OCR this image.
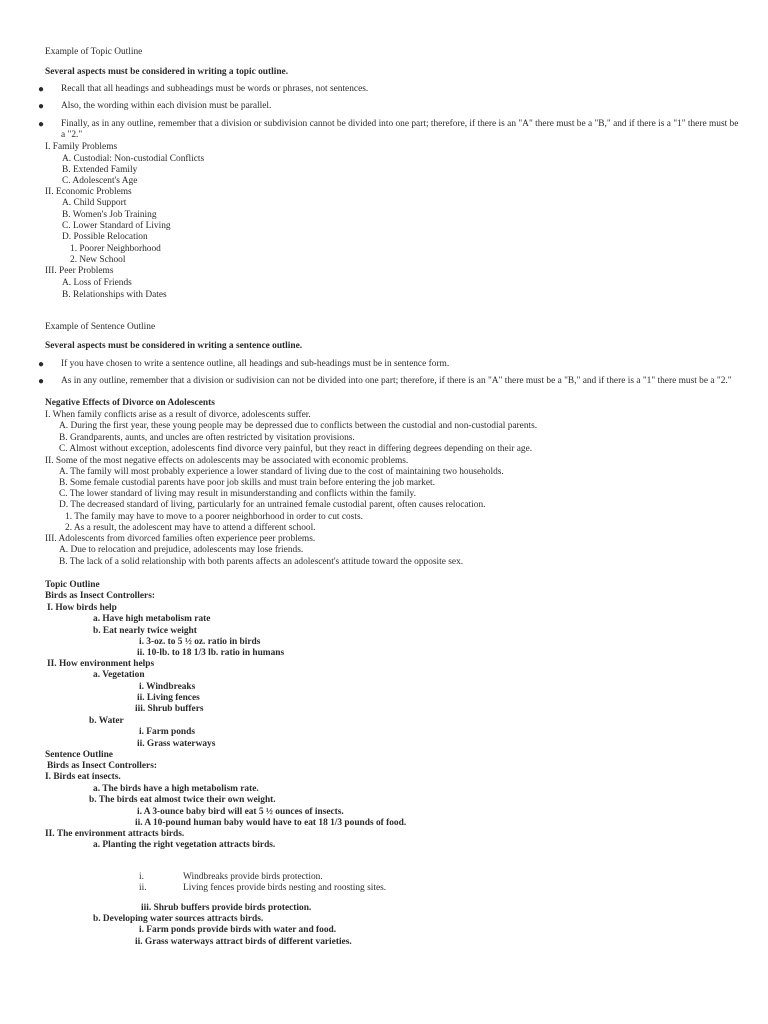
Example of Topic Outline
Several aspects must be considered in writing a topic outline.
● Recall that all headings and subheadings must be words or phrases, not sentences.
● Also, the wording within each division must be parallel.
● Finally, as in any outline, remember that a division or subdivision cannot be divided into one part; therefore, if there is an "A" there must be a "B," and if there is a "1" there must be a "2."
I. Family Problems
A. Custodial: Non-custodial Conflicts
B. Extended Family
C. Adolescent's Age
II. Economic Problems
A. Child Support
B. Women's Job Training
C. Lower Standard of Living
D. Possible Relocation
1. Poorer Neighborhood
2. New School
III. Peer Problems
A. Loss of Friends
B. Relationships with Dates
Example of Sentence Outline
Several aspects must be considered in writing a sentence outline.
● If you have chosen to write a sentence outline, all headings and sub-headings must be in sentence form.
● As in any outline, remember that a division or sudivision can not be divided into one part; therefore, if there is an "A" there must be a "B," and if there is a "1" there must be a "2."
Negative Effects of Divorce on Adolescents
I. When family conflicts arise as a result of divorce, adolescents suffer.
A. During the first year, these young people may be depressed due to conflicts between the custodial and non-custodial parents.
B. Grandparents, aunts, and uncles are often restricted by visitation provisions.
C. Almost without exception, adolescents find divorce very painful, but they react in differing degrees depending on their age.
II. Some of the most negative effects on adolescents may be associated with economic problems.
A. The family will most probably experience a lower standard of living due to the cost of maintaining two households.
B. Some female custodial parents have poor job skills and must train before entering the job market.
C. The lower standard of living may result in misunderstanding and conflicts within the family.
D. The decreased standard of living, particularly for an untrained female custodial parent, often causes relocation.
1. The family may have to move to a poorer neighborhood in order to cut costs.
2. As a result, the adolescent may have to attend a different school.
III. Adolescents from divorced families often experience peer problems.
A. Due to relocation and prejudice, adolescents may lose friends.
B. The lack of a solid relationship with both parents affects an adolescent's attitude toward the opposite sex.
Topic Outline
Birds as Insect Controllers:
I. How birds help
a. Have high metabolism rate
b. Eat nearly twice weight
i. 3-oz. to 5 ½ oz. ratio in birds
ii. 10-lb. to 18 1/3 lb. ratio in humans
II. How environment helps
a. Vegetation
i. Windbreaks
ii. Living fences
iii. Shrub buffers
b. Water
i. Farm ponds
ii. Grass waterways
Sentence Outline
Birds as Insect Controllers:
I. Birds eat insects.
a. The birds have a high metabolism rate.
b. The birds eat almost twice their own weight.
i. A 3-ounce baby bird will eat 5 ½ ounces of insects.
ii. A 10-pound human baby would have to eat 18 1/3 pounds of food.
II. The environment attracts birds.
a. Planting the right vegetation attracts birds.
i.	Windbreaks provide birds protection.
ii.	Living fences provide birds nesting and roosting sites.
iii. Shrub buffers provide birds protection.
b. Developing water sources attracts birds.
i. Farm ponds provide birds with water and food.
ii. Grass waterways attract birds of different varieties.
